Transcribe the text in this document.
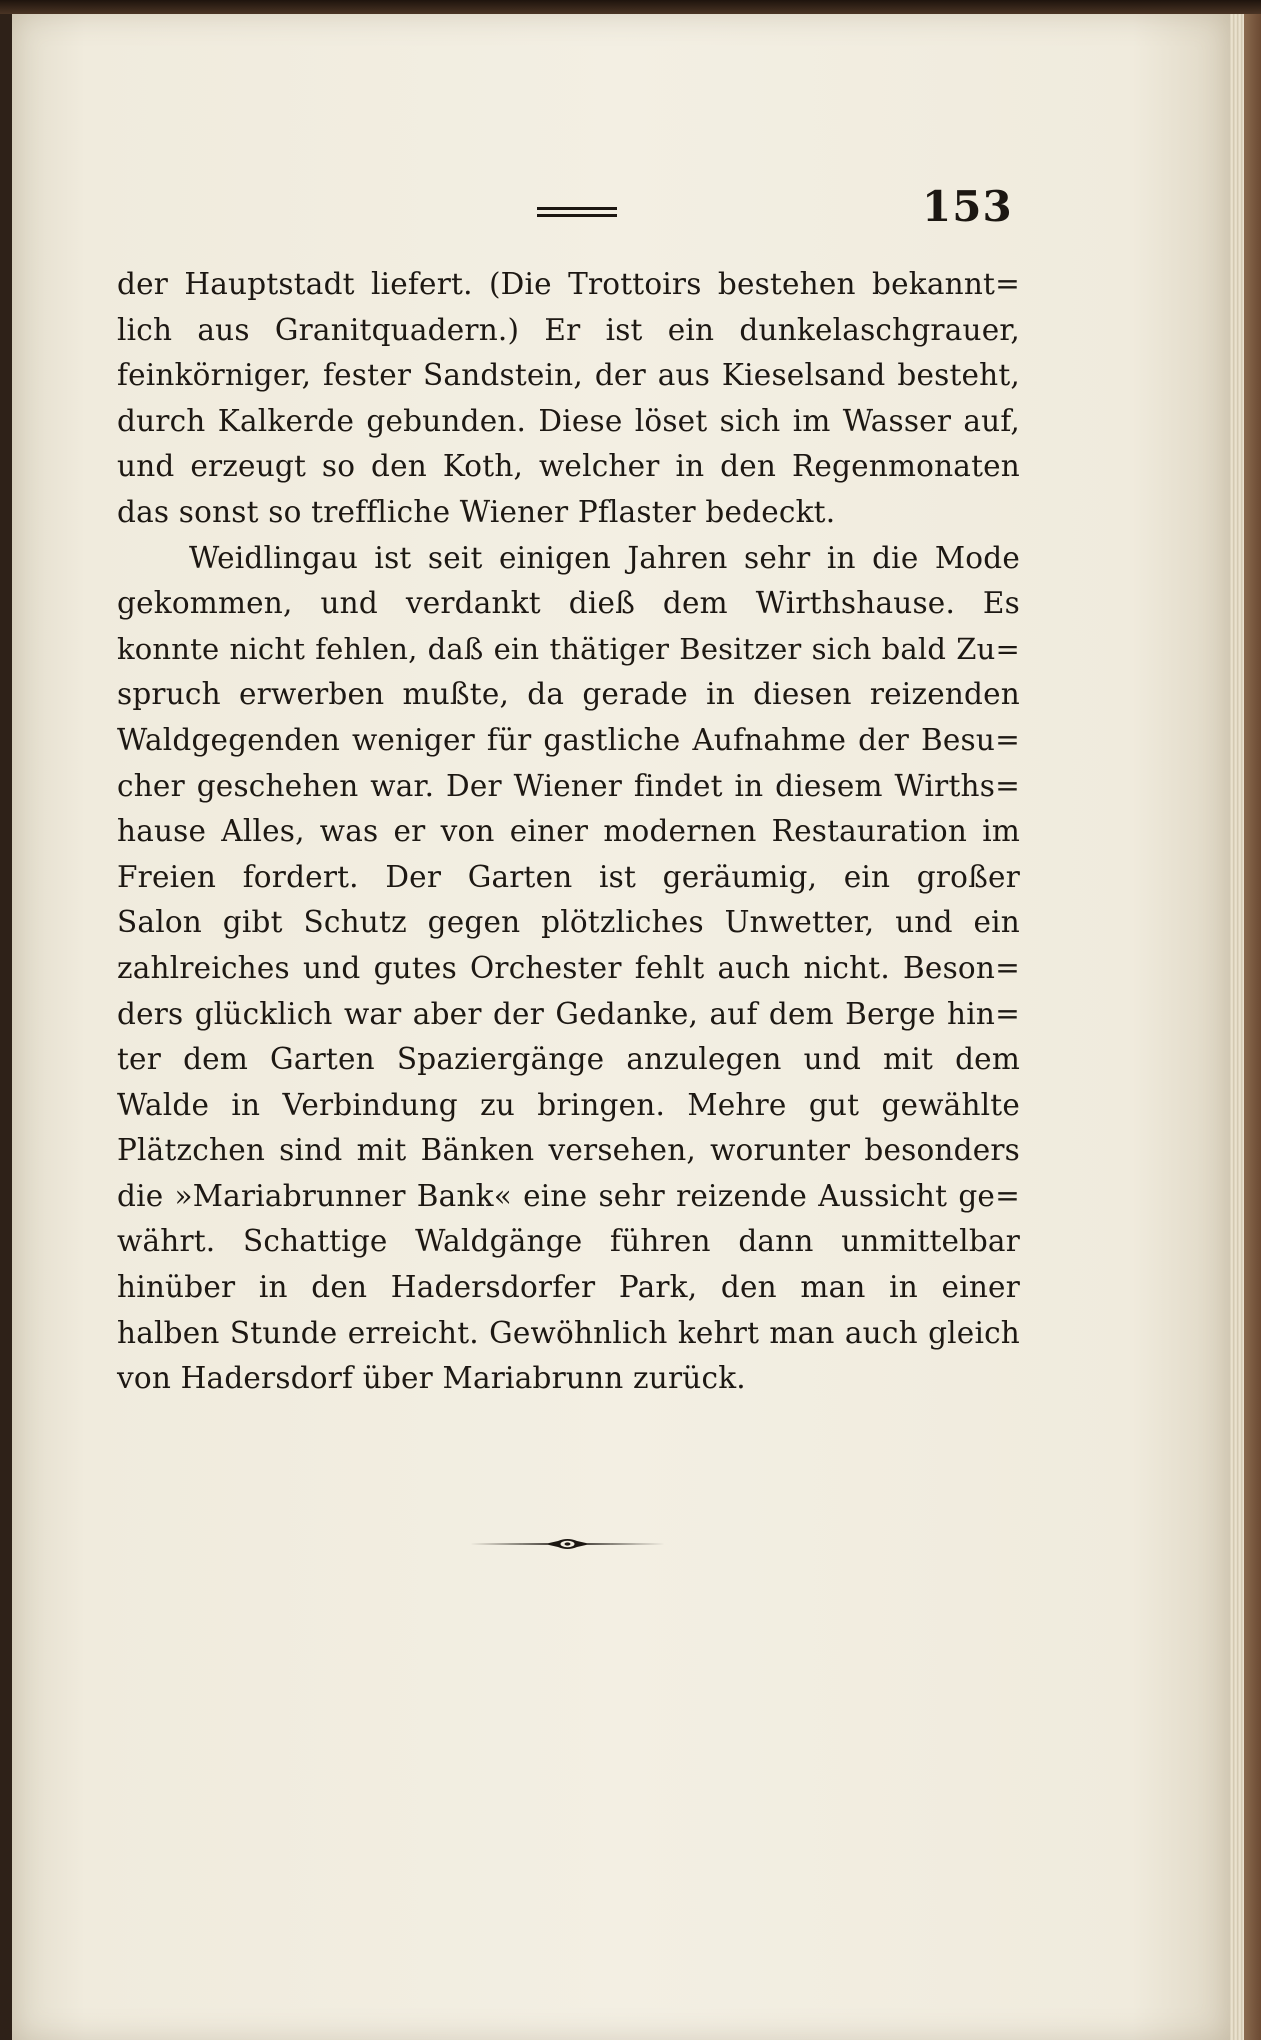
153

der Hauptstadt liefert. (Die Trottoirs bestehen bekannt=
lich aus Granitquadern.) Er ist ein dunkelaschgrauer,
feinkörniger, fester Sandstein, der aus Kieselsand besteht,
durch Kalkerde gebunden. Diese löset sich im Wasser auf,
und erzeugt so den Koth, welcher in den Regenmonaten
das sonst so treffliche Wiener Pflaster bedeckt.

Weidlingau ist seit einigen Jahren sehr in die Mode
gekommen, und verdankt dieß dem Wirthshause. Es
konnte nicht fehlen, daß ein thätiger Besitzer sich bald Zu=
spruch erwerben mußte, da gerade in diesen reizenden
Waldgegenden weniger für gastliche Aufnahme der Besu=
cher geschehen war. Der Wiener findet in diesem Wirths=
hause Alles, was er von einer modernen Restauration im
Freien fordert. Der Garten ist geräumig, ein großer
Salon gibt Schutz gegen plötzliches Unwetter, und ein
zahlreiches und gutes Orchester fehlt auch nicht. Beson=
ders glücklich war aber der Gedanke, auf dem Berge hin=
ter dem Garten Spaziergänge anzulegen und mit dem
Walde in Verbindung zu bringen. Mehre gut gewählte
Plätzchen sind mit Bänken versehen, worunter besonders
die »Mariabrunner Bank« eine sehr reizende Aussicht ge=
währt. Schattige Waldgänge führen dann unmittelbar
hinüber in den Hadersdorfer Park, den man in einer
halben Stunde erreicht. Gewöhnlich kehrt man auch gleich
von Hadersdorf über Mariabrunn zurück.
